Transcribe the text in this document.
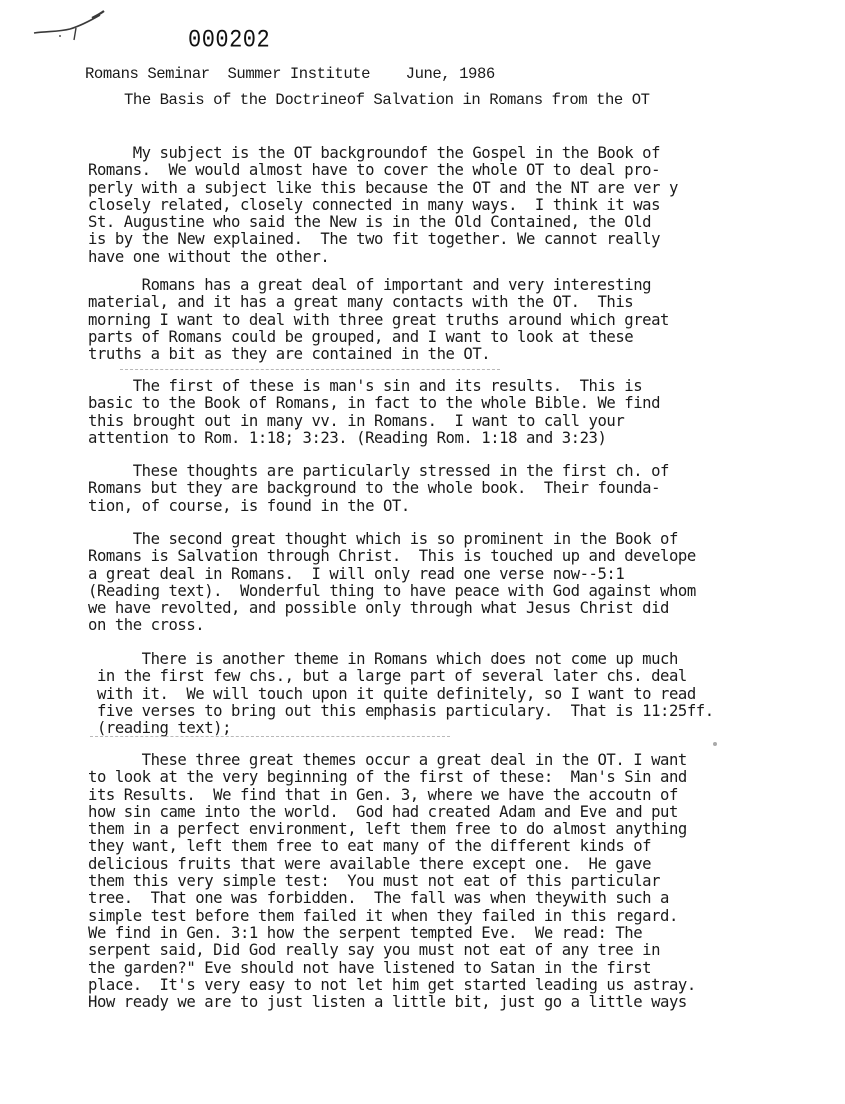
000202
Romans Seminar  Summer Institute    June, 1986
The Basis of the Doctrineof Salvation in Romans from the OT
My subject is the OT backgroundof the Gospel in the Book of
Romans.  We would almost have to cover the whole OT to deal pro-
perly with a subject like this because the OT and the NT are ver y
closely related, closely connected in many ways.  I think it was
St. Augustine who said the New is in the Old Contained, the Old
is by the New explained.  The two fit together. We cannot really
have one without the other.
Romans has a great deal of important and very interesting
material, and it has a great many contacts with the OT.  This
morning I want to deal with three great truths around which great
parts of Romans could be grouped, and I want to look at these
truths a bit as they are contained in the OT.
The first of these is man's sin and its results.  This is
basic to the Book of Romans, in fact to the whole Bible. We find
this brought out in many vv. in Romans.  I want to call your
attention to Rom. 1:18; 3:23. (Reading Rom. 1:18 and 3:23)
These thoughts are particularly stressed in the first ch. of
Romans but they are background to the whole book.  Their founda-
tion, of course, is found in the OT.
The second great thought which is so prominent in the Book of
Romans is Salvation through Christ.  This is touched up and develope
a great deal in Romans.  I will only read one verse now--5:1
(Reading text).  Wonderful thing to have peace with God against whom
we have revolted, and possible only through what Jesus Christ did
on the cross.
There is another theme in Romans which does not come up much
in the first few chs., but a large part of several later chs. deal
with it.  We will touch upon it quite definitely, so I want to read
five verses to bring out this emphasis particulary.  That is 11:25ff.
(reading text);
These three great themes occur a great deal in the OT. I want
to look at the very beginning of the first of these:  Man's Sin and
its Results.  We find that in Gen. 3, where we have the accoutn of
how sin came into the world.  God had created Adam and Eve and put
them in a perfect environment, left them free to do almost anything
they want, left them free to eat many of the different kinds of
delicious fruits that were available there except one.  He gave
them this very simple test:  You must not eat of this particular
tree.  That one was forbidden.  The fall was when theywith such a
simple test before them failed it when they failed in this regard.
We find in Gen. 3:1 how the serpent tempted Eve.  We read: The
serpent said, Did God really say you must not eat of any tree in
the garden?" Eve should not have listened to Satan in the first
place.  It's very easy to not let him get started leading us astray.
How ready we are to just listen a little bit, just go a little ways
